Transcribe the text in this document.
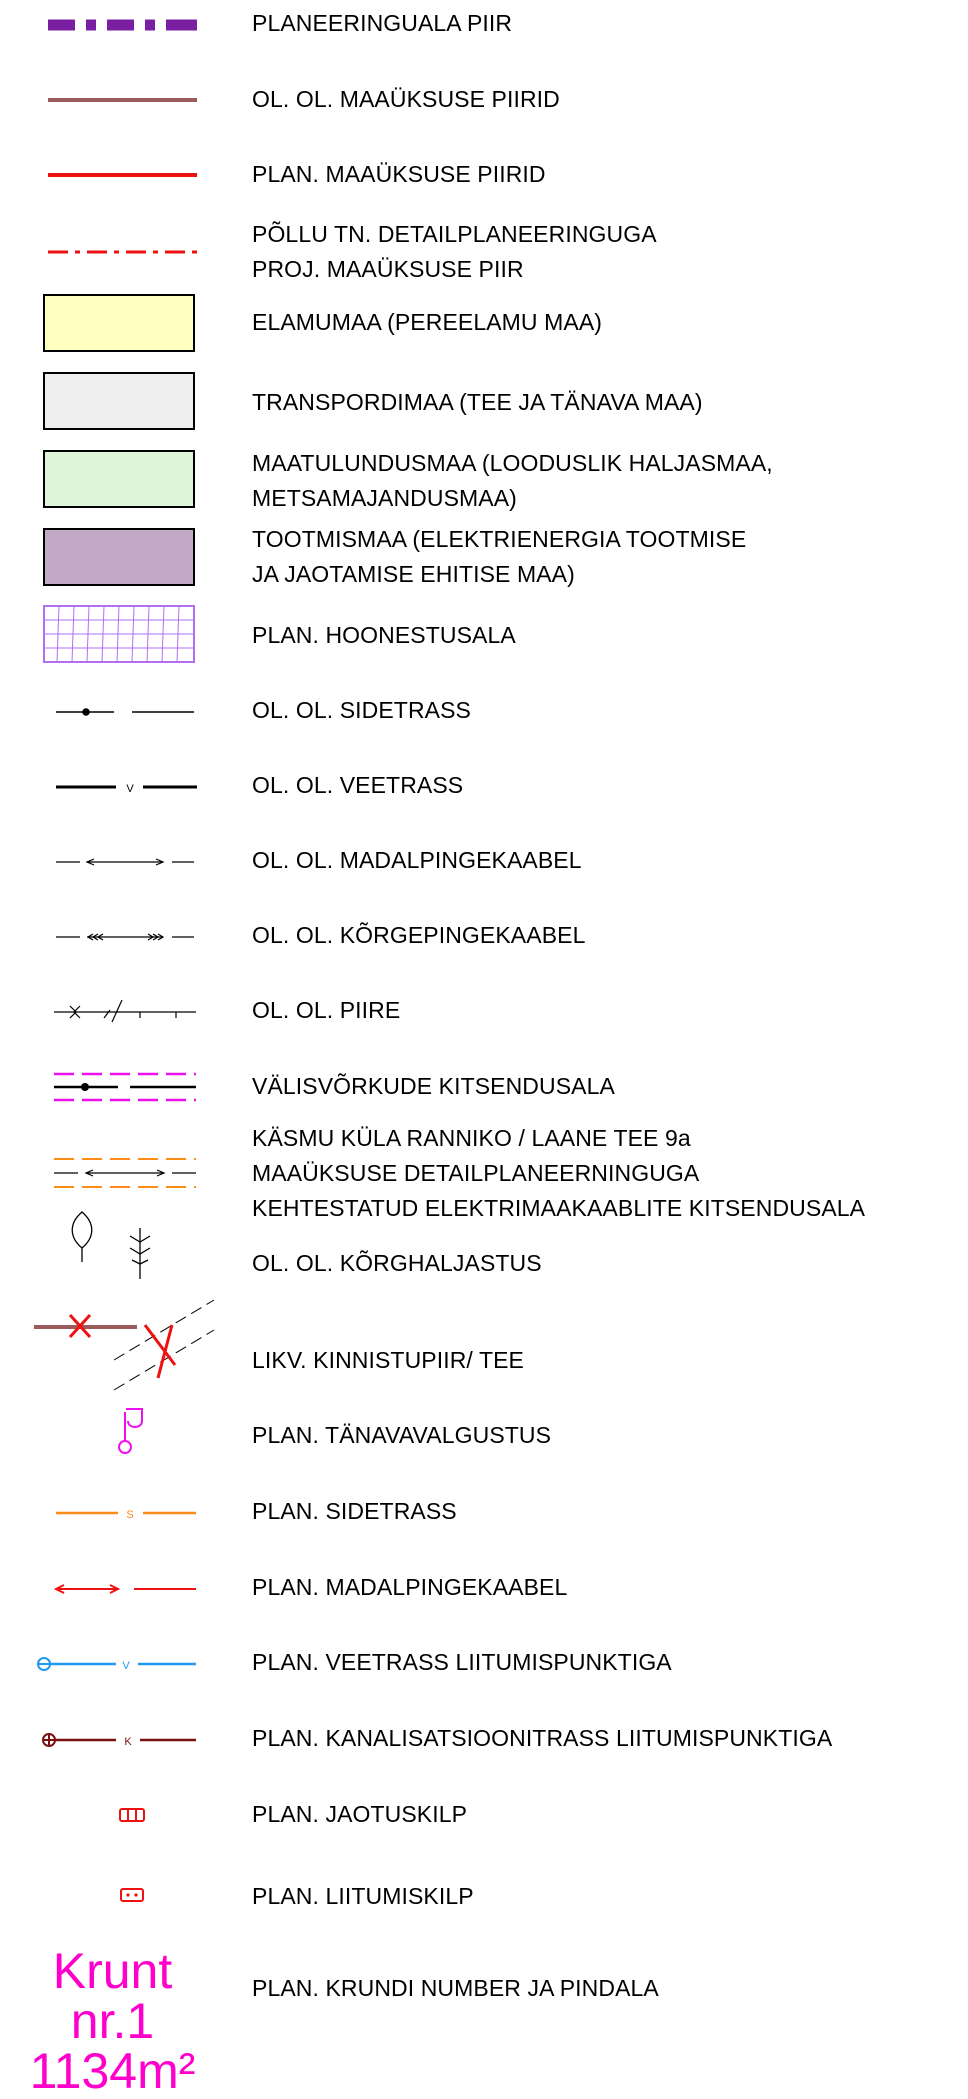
V
S
V
K
Krunt nr.1
1134m²
PLANEERINGUALA PIIR
OL. OL. MAAÜKSUSE PIIRID
PLAN. MAAÜKSUSE PIIRID
PÕLLU TN. DETAILPLANEERINGUGA
PROJ. MAAÜKSUSE PIIR
ELAMUMAA (PEREELAMU MAA)
TRANSPORDIMAA (TEE JA TÄNAVA MAA)
MAATULUNDUSMAA (LOODUSLIK HALJASMAA,
METSAMAJANDUSMAA)
TOOTMISMAA (ELEKTRIENERGIA TOOTMISE
JA JAOTAMISE EHITISE MAA)
PLAN. HOONESTUSALA
OL. OL. SIDETRASS
OL. OL. VEETRASS
OL. OL. MADALPINGEKAABEL
OL. OL. KÕRGEPINGEKAABEL
OL. OL. PIIRE
VÄLISVÕRKUDE KITSENDUSALA
KÄSMU KÜLA RANNIKO / LAANE TEE 9a
MAAÜKSUSE DETAILPLANEERNINGUGA
KEHTESTATUD ELEKTRIMAAKAABLITE KITSENDUSALA
OL. OL. KÕRGHALJASTUS
LIKV. KINNISTUPIIR/ TEE
PLAN. TÄNAVAVALGUSTUS
PLAN. SIDETRASS
PLAN. MADALPINGEKAABEL
PLAN. VEETRASS LIITUMISPUNKTIGA
PLAN. KANALISATSIOONITRASS LIITUMISPUNKTIGA
PLAN. JAOTUSKILP
PLAN. LIITUMISKILP
PLAN. KRUNDI NUMBER JA PINDALA
